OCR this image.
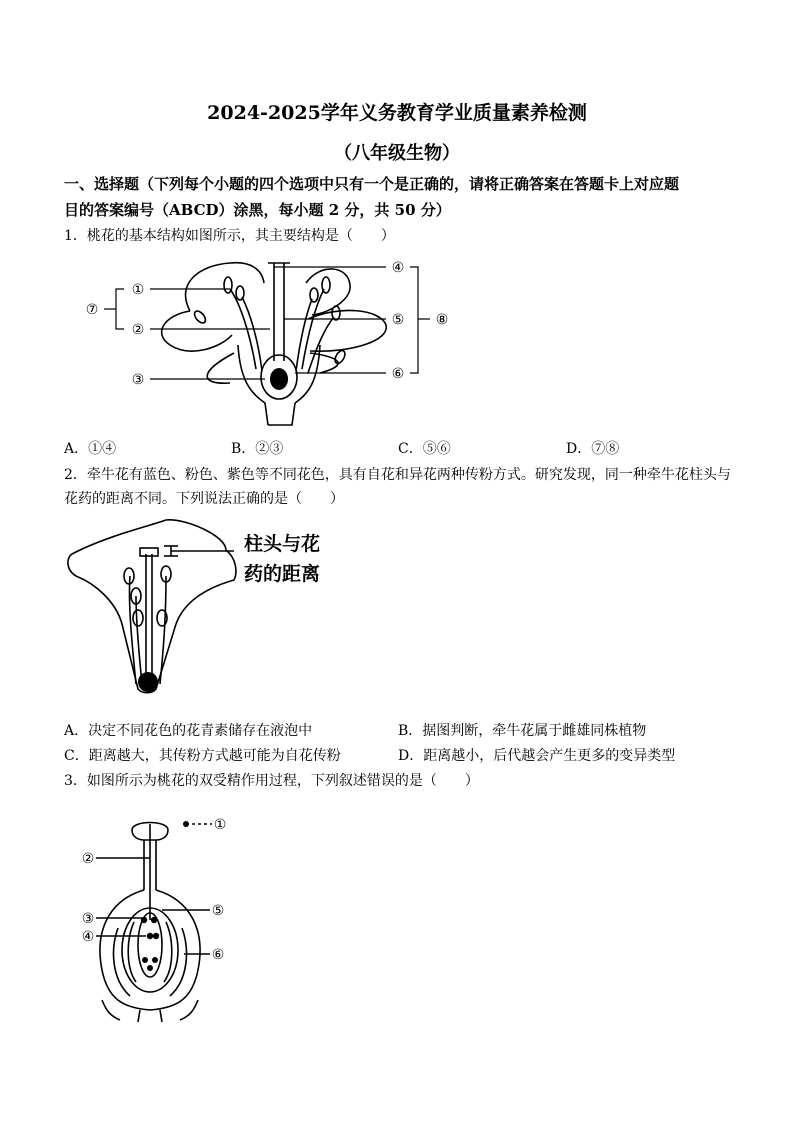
2024-2025学年义务教育学业质量素养检测
（八年级生物）
一、选择题（下列每个小题的四个选项中只有一个是正确的，请将正确答案在答题卡上对应题
目的答案编号（ABCD）涂黑，每小题 2 分，共 50 分）
1．桃花的基本结构如图所示，其主要结构是（　　）
①
②
③
④
⑤
⑥
⑦
⑧
A．①④	B．②③	C．⑤⑥	D．⑦⑧
2．牵牛花有蓝色、粉色、紫色等不同花色，具有自花和异花两种传粉方式。研究发现，同一种牵牛花柱头与
花药的距离不同。下列说法正确的是（　　）
柱头与花
药的距离
A．决定不同花色的花青素储存在液泡中	B．据图判断，牵牛花属于雌雄同株植物
C．距离越大，其传粉方式越可能为自花传粉	D．距离越小，后代越会产生更多的变异类型
3．如图所示为桃花的双受精作用过程，下列叙述错误的是（　　）
①
②
③
④
⑤
⑥
